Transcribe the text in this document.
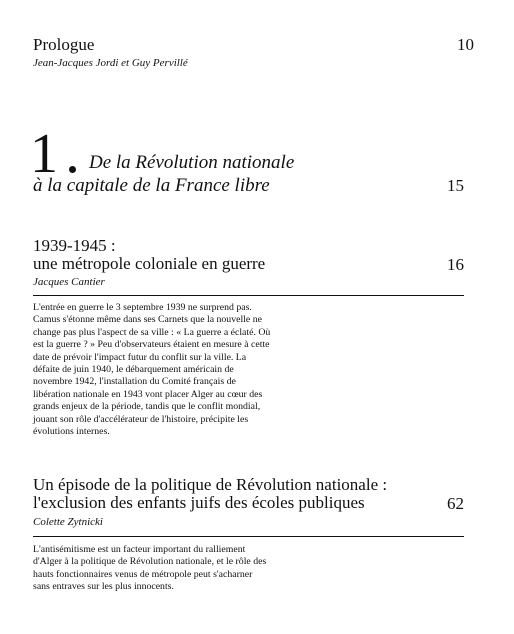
Prologue	10
Jean-Jacques Jordi et Guy Pervillé
1 De la Révolution nationale
à la capitale de la France libre	15
1939-1945 :
une métropole coloniale en guerre	16
Jacques Cantier
L'entrée en guerre le 3 septembre 1939 ne surprend pas.
Camus s'étonne même dans ses Carnets que la nouvelle ne
change pas plus l'aspect de sa ville : « La guerre a éclaté. Où
est la guerre ? » Peu d'observateurs étaient en mesure à cette
date de prévoir l'impact futur du conflit sur la ville. La
défaite de juin 1940, le débarquement américain de
novembre 1942, l'installation du Comité français de
libération nationale en 1943 vont placer Alger au cœur des
grands enjeux de la période, tandis que le conflit mondial,
jouant son rôle d'accélérateur de l'histoire, précipite les
évolutions internes.
Un épisode de la politique de Révolution nationale :
l'exclusion des enfants juifs des écoles publiques	62
Colette Zytnicki
L'antisémitisme est un facteur important du ralliement
d'Alger à la politique de Révolution nationale, et le rôle des
hauts fonctionnaires venus de métropole peut s'acharner
sans entraves sur les plus innocents.
